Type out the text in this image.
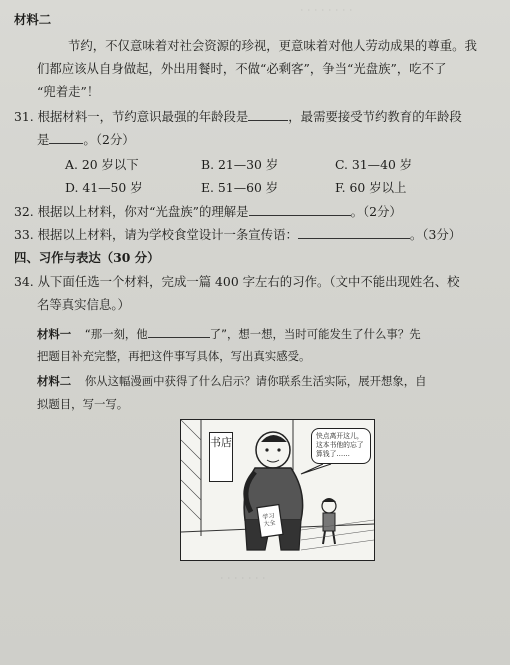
‧ ‧ ‧ ‧ ‧ ‧ ‧ ‧
材料二
节约，不仅意味着对社会资源的珍视，更意味着对他人劳动成果的尊重。我
们都应该从自身做起，外出用餐时，不做“必剩客”，争当“光盘族”，吃不了
“兜着走”！
31. 根据材料一，节约意识最强的年龄段是	，最需要接受节约教育的年龄段
是	。（2分）
A. 20 岁以下	B. 21—30 岁	C. 31—40 岁
D. 41—50 岁	E. 51—60 岁	F. 60 岁以上
32. 根据以上材料，你对“光盘族”的理解是	。（2分）
33. 根据以上材料，请为学校食堂设计一条宣传语：	。（3分）
四、习作与表达（30 分）
34. 从下面任选一个材料，完成一篇 400 字左右的习作。（文中不能出现姓名、校
名等真实信息。）
材料一 “那一刻，他	了”，想一想，当时可能发生了什么事？先
把题目补充完整，再把这件事写具体，写出真实感受。
材料二 你从这幅漫画中获得了什么启示？请你联系生活实际，展开想象，自
拟题目，写一写。
书店	快点离开这儿，这本书他的忘了算钱了……
学习大全
‧ ‧ ‧ ‧ ‧ ‧ ‧
